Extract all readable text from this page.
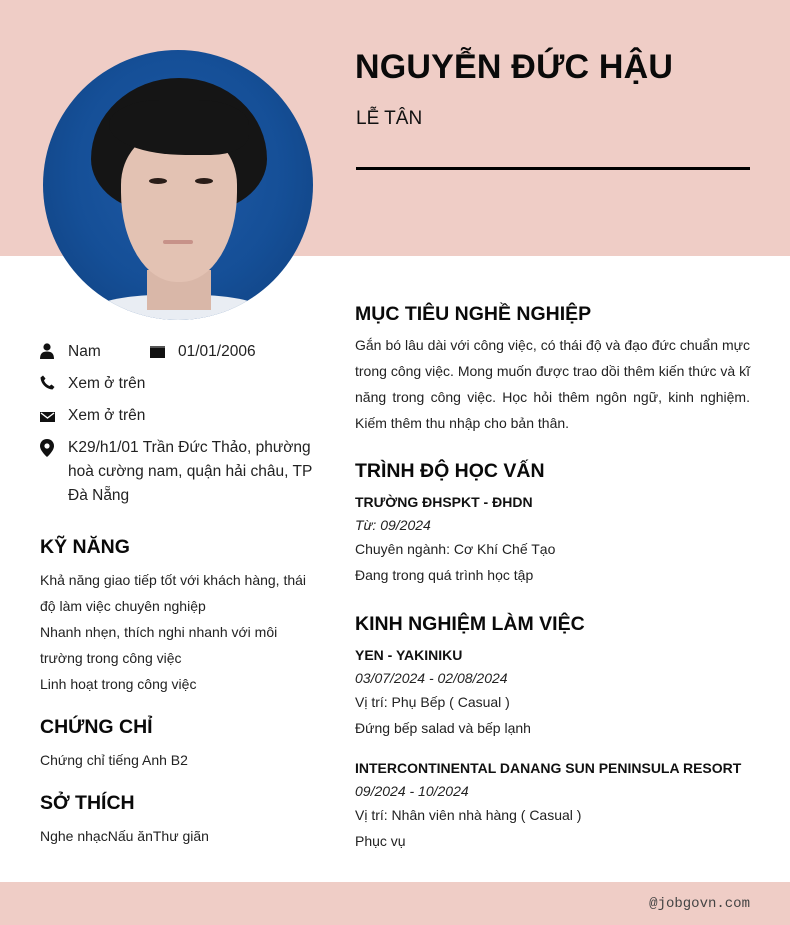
NGUYỄN ĐỨC HẬU
LỄ TÂN
Nam	01/01/2006
Xem ở trên
Xem ở trên
K29/h1/01 Trần Đức Thảo, phường hoà cường nam, quận hải châu, TP Đà Nẵng
KỸ NĂNG
Khả năng giao tiếp tốt với khách hàng, thái độ làm việc chuyên nghiệp
Nhanh nhẹn, thích nghi nhanh với môi trường trong công việc
Linh hoạt trong công việc
CHỨNG CHỈ
Chứng chỉ tiếng Anh B2
SỞ THÍCH
Nghe nhạcNấu ănThư giãn
MỤC TIÊU NGHỀ NGHIỆP
Gắn bó lâu dài với công việc, có thái độ và đạo đức chuẩn mực trong công việc. Mong muốn được trao dồi thêm kiến thức và kĩ năng trong công việc. Học hỏi thêm ngôn ngữ, kinh nghiệm. Kiếm thêm thu nhập cho bản thân.
TRÌNH ĐỘ HỌC VẤN
TRƯỜNG ĐHSPKT - ĐHDN
Từ: 09/2024
Chuyên ngành: Cơ Khí Chế Tạo
Đang trong quá trình học tập
KINH NGHIỆM LÀM VIỆC
YEN - YAKINIKU
03/07/2024 - 02/08/2024
Vị trí: Phụ Bếp ( Casual )
Đứng bếp salad và bếp lạnh
INTERCONTINENTAL DANANG SUN PENINSULA RESORT
09/2024 - 10/2024
Vị trí: Nhân viên nhà hàng ( Casual )
Phục vụ
@jobgovn.com
